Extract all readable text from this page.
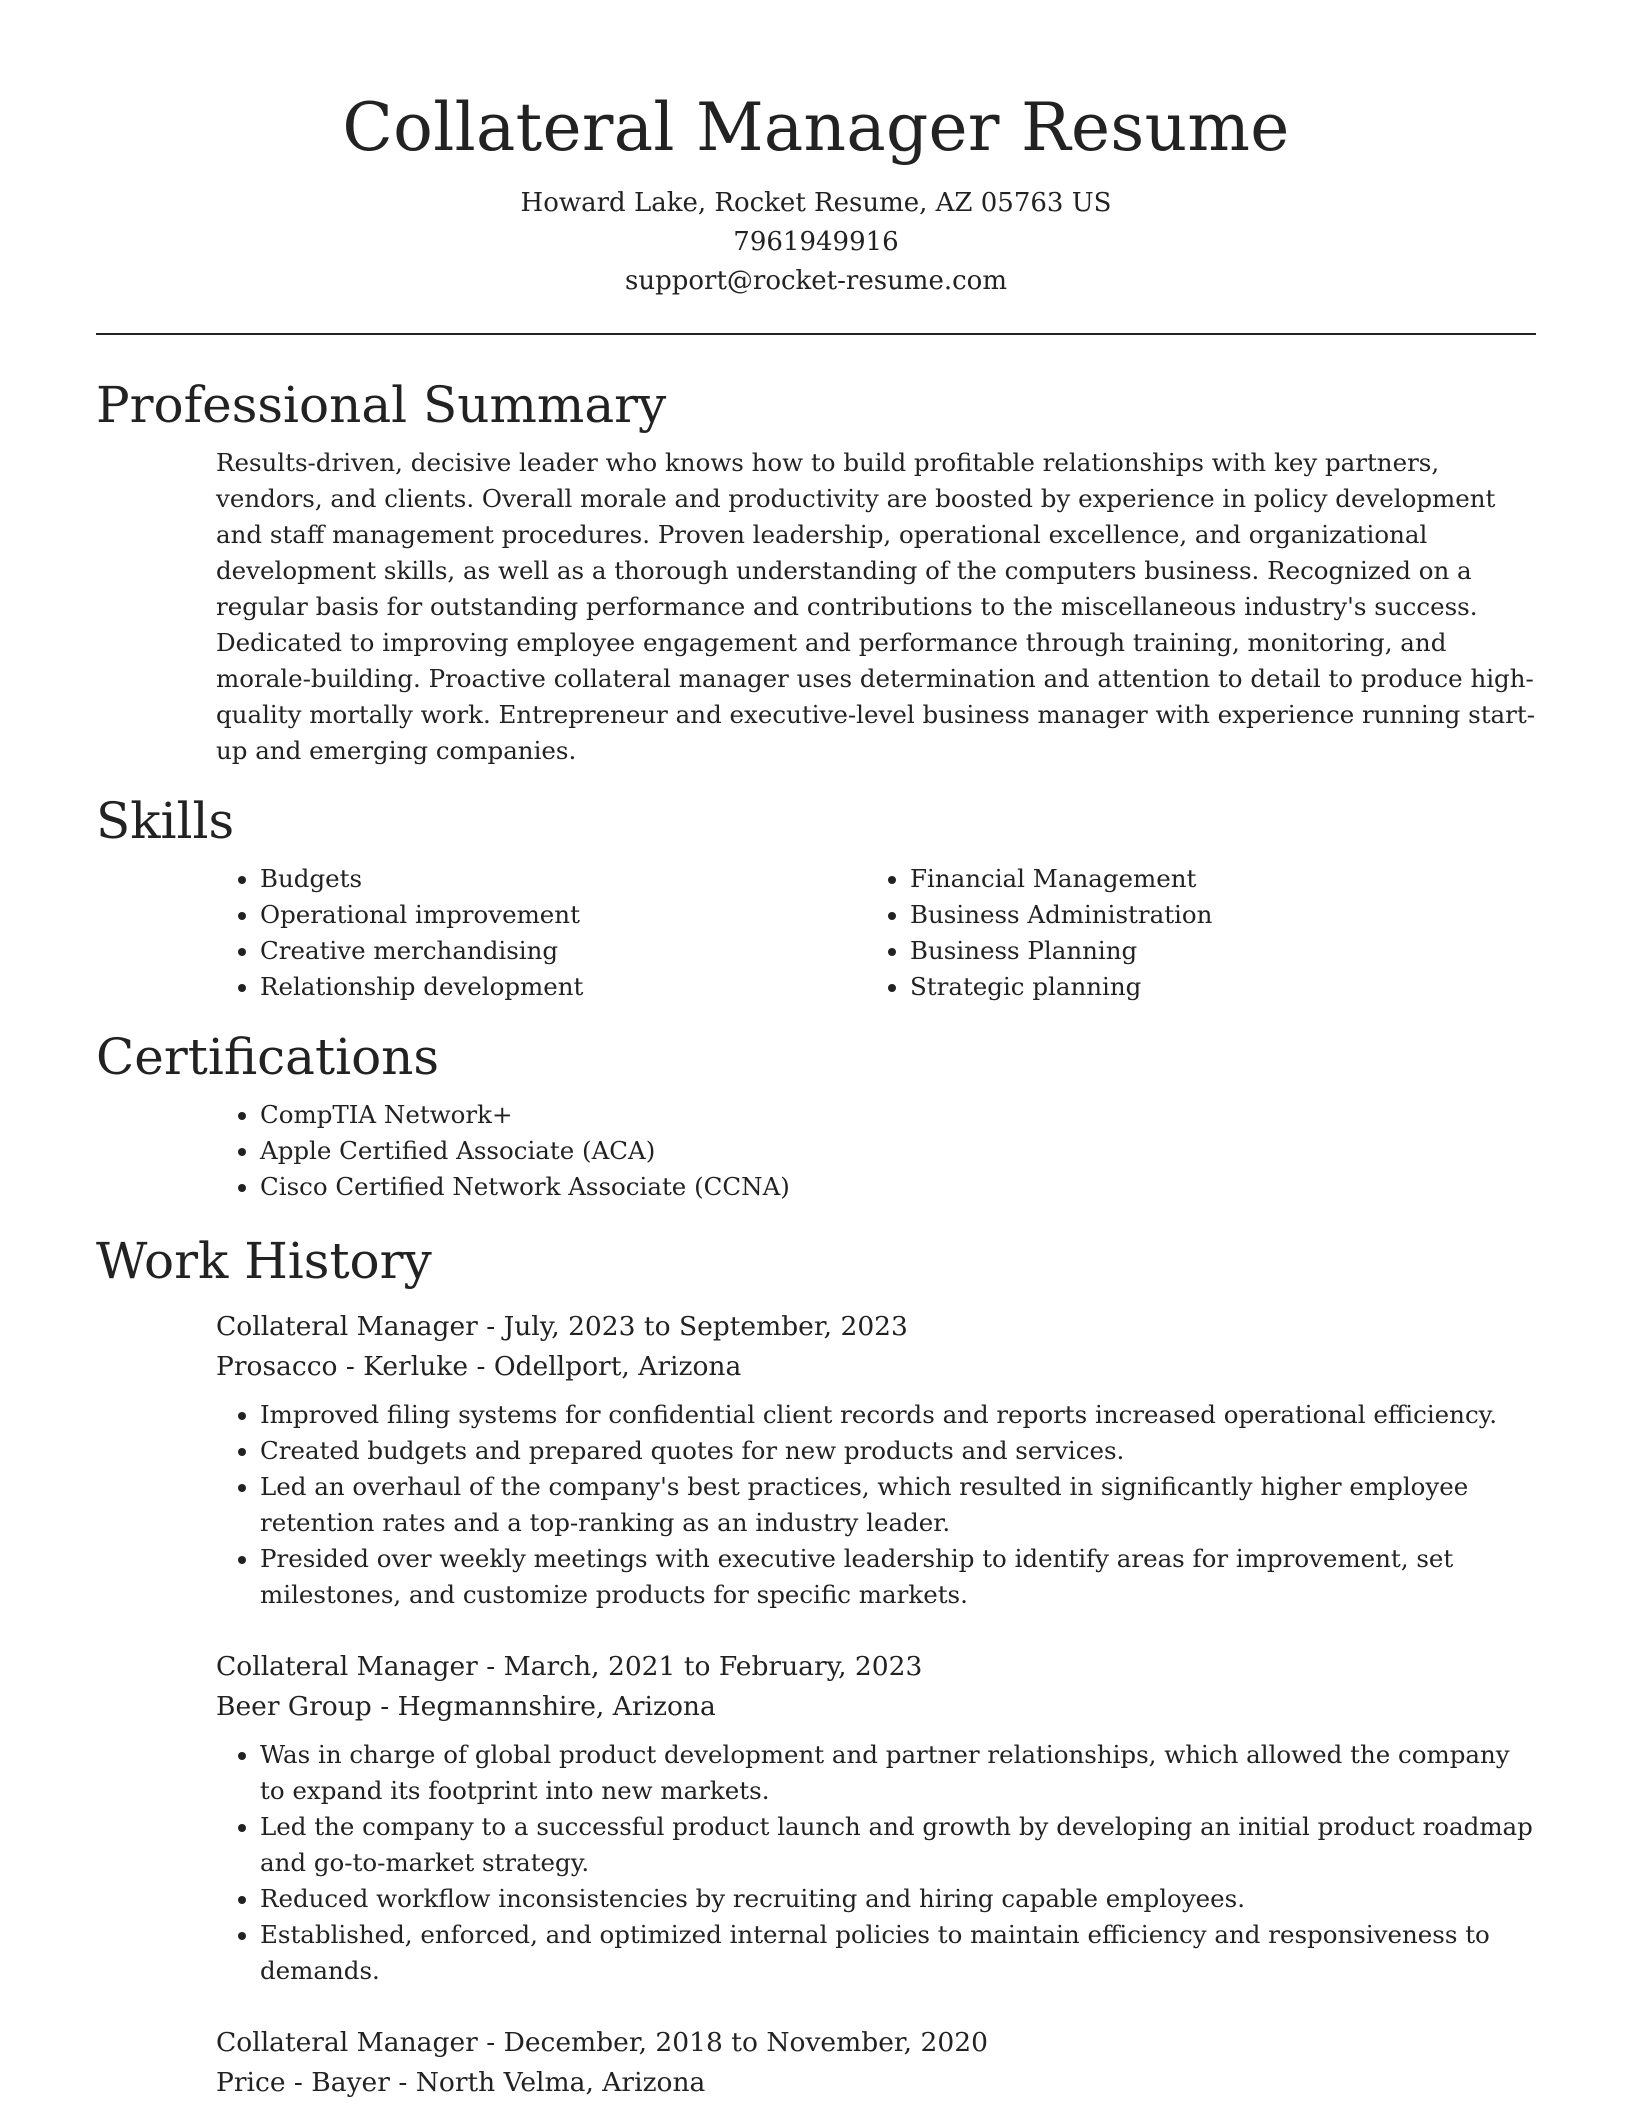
Collateral Manager Resume
Howard Lake, Rocket Resume, AZ 05763 US
7961949916
support@rocket-resume.com
Professional Summary

Results-driven, decisive leader who knows how to build profitable relationships with key partners, vendors, and clients. Overall morale and productivity are boosted by experience in policy development and staff management procedures. Proven leadership, operational excellence, and organizational development skills, as well as a thorough understanding of the computers business. Recognized on a regular basis for outstanding performance and contributions to the miscellaneous industry's success. Dedicated to improving employee engagement and performance through training, monitoring, and morale-building. Proactive collateral manager uses determination and attention to detail to produce high-quality mortally work. Entrepreneur and executive-level business manager with experience running start-up and emerging companies.

Skills
• Budgets
• Operational improvement
• Creative merchandising
• Relationship development
• Financial Management
• Business Administration
• Business Planning
• Strategic planning
Certifications
• CompTIA Network+
• Apple Certified Associate (ACA)
• Cisco Certified Network Associate (CCNA)
Work History
Collateral Manager - July, 2023 to September, 2023
Prosacco - Kerluke - Odellport, Arizona
• Improved filing systems for confidential client records and reports increased operational efficiency.
• Created budgets and prepared quotes for new products and services.
• Led an overhaul of the company's best practices, which resulted in significantly higher employee retention rates and a top-ranking as an industry leader.
• Presided over weekly meetings with executive leadership to identify areas for improvement, set milestones, and customize products for specific markets.
Collateral Manager - March, 2021 to February, 2023
Beer Group - Hegmannshire, Arizona
• Was in charge of global product development and partner relationships, which allowed the company to expand its footprint into new markets.
• Led the company to a successful product launch and growth by developing an initial product roadmap and go-to-market strategy.
• Reduced workflow inconsistencies by recruiting and hiring capable employees.
• Established, enforced, and optimized internal policies to maintain efficiency and responsiveness to demands.
Collateral Manager - December, 2018 to November, 2020
Price - Bayer - North Velma, Arizona
